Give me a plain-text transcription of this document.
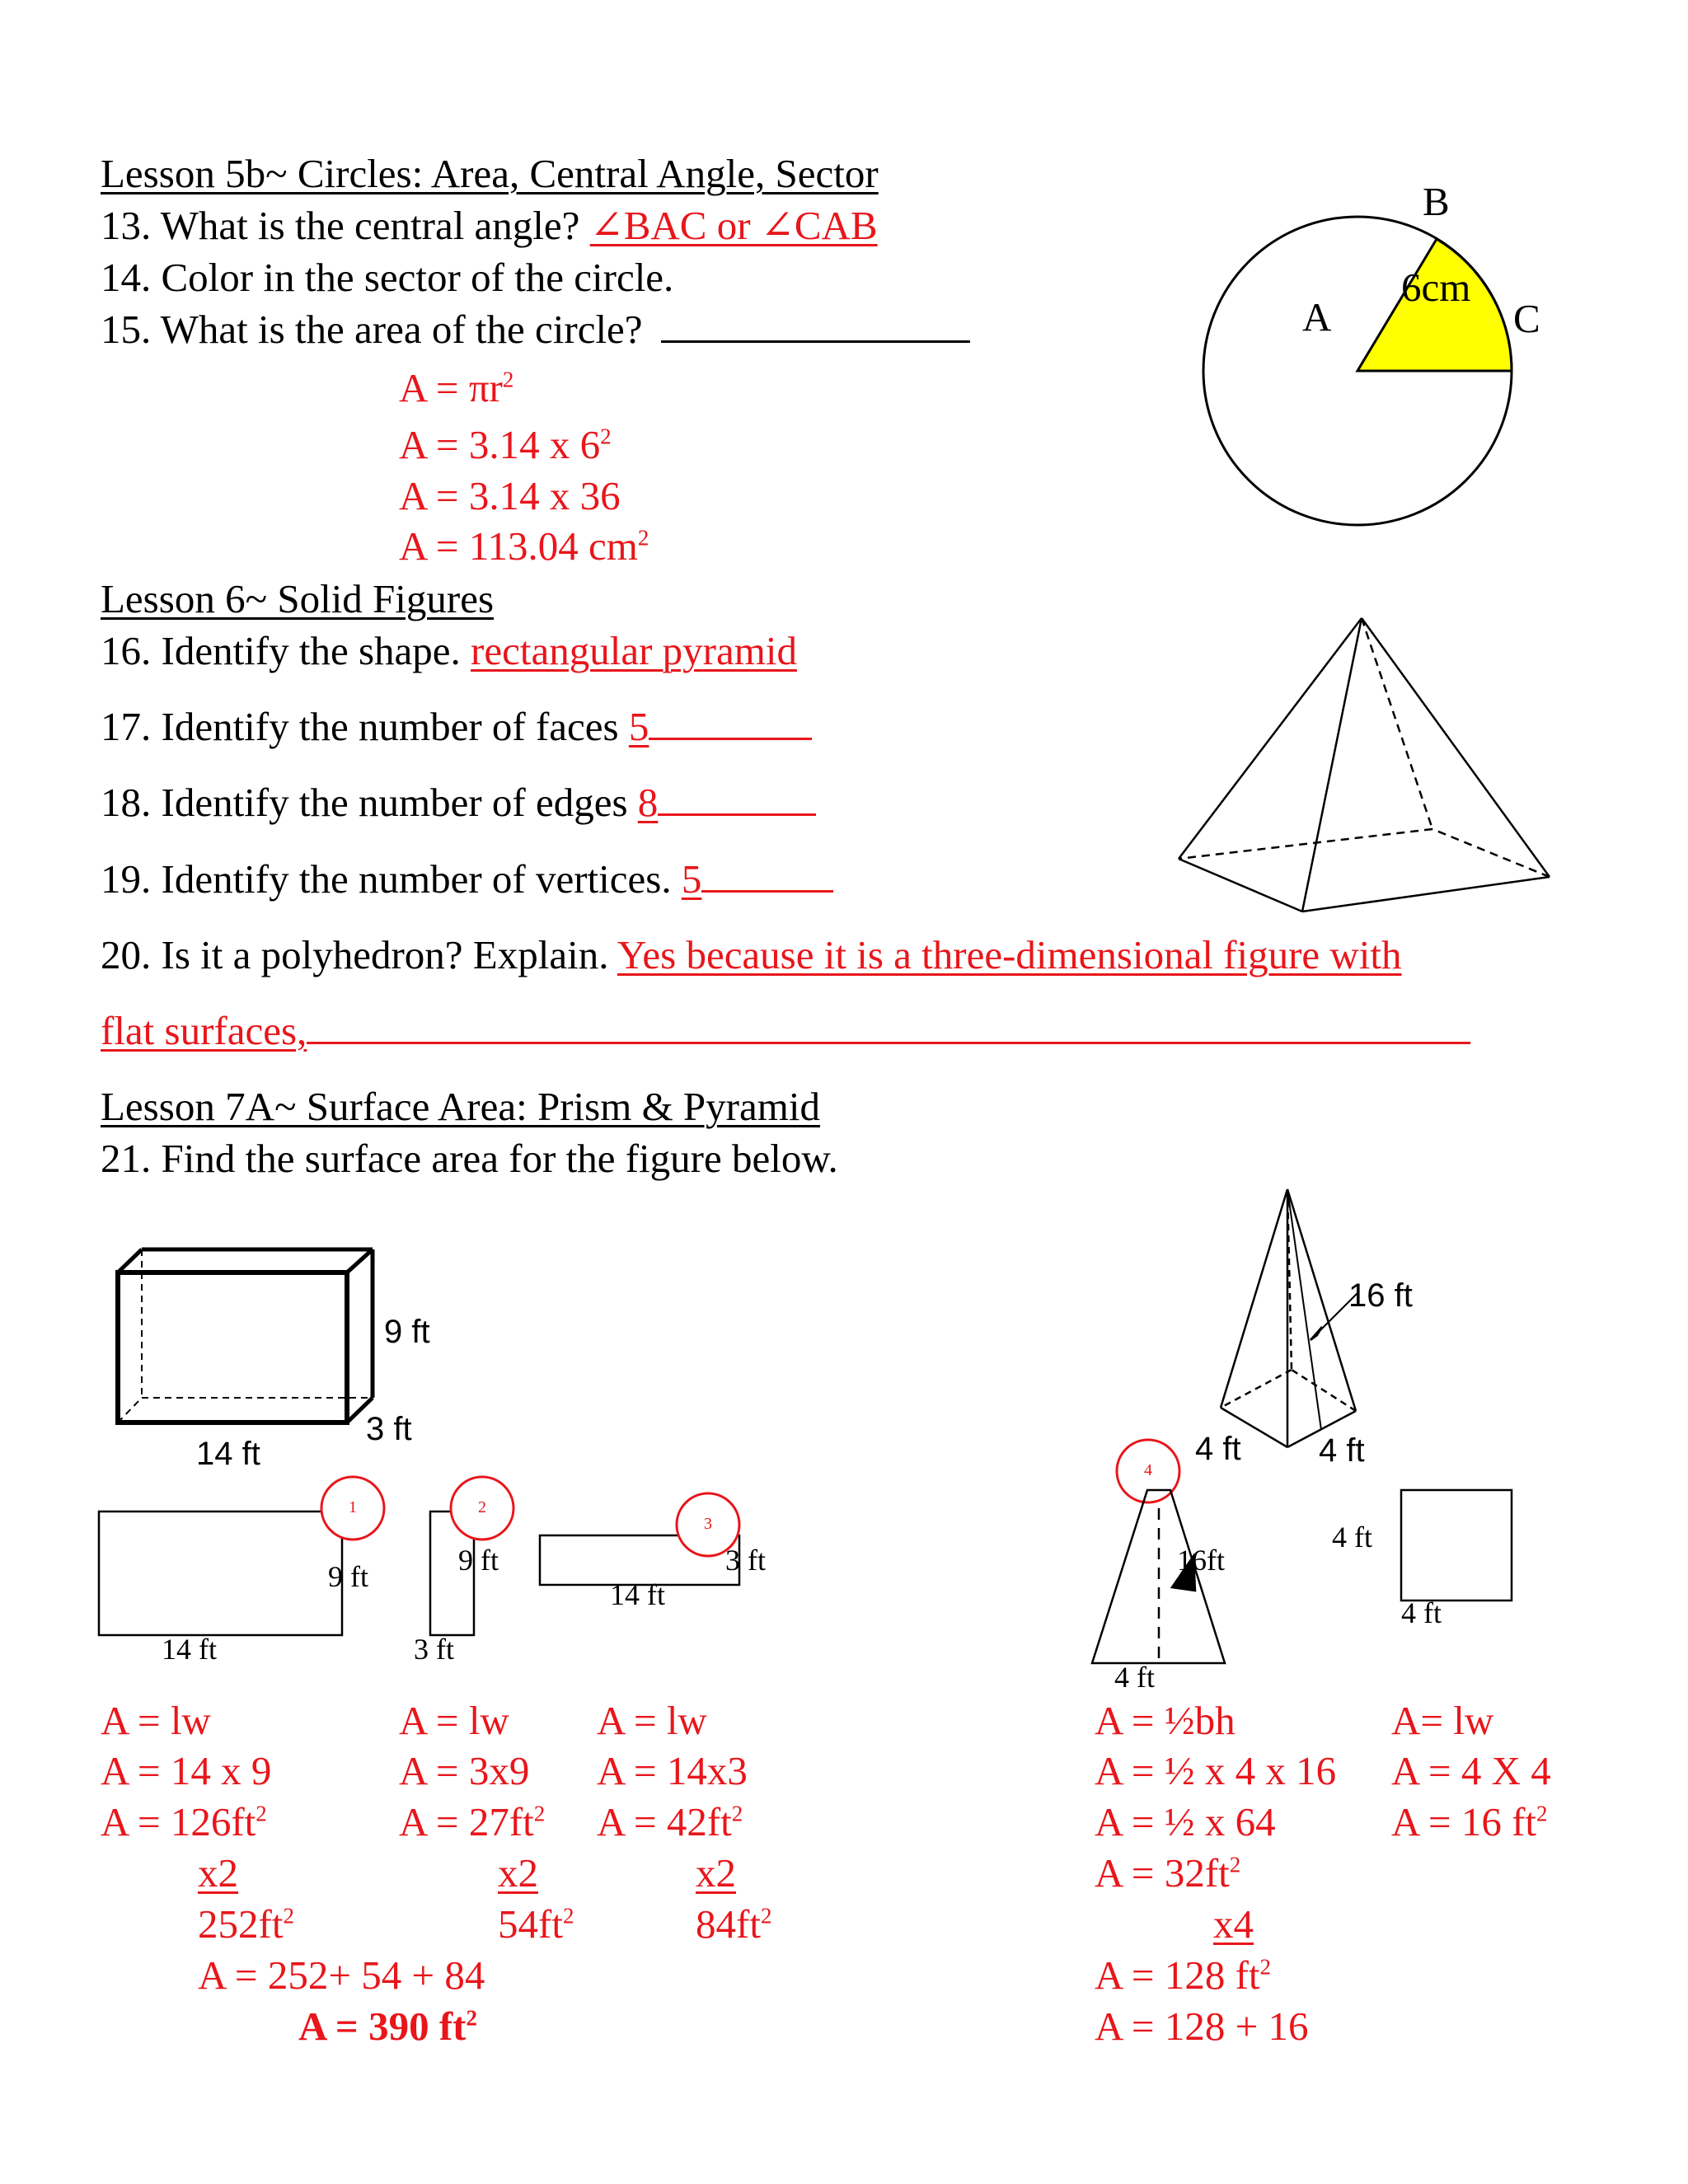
Lesson 5b~ Circles: Area, Central Angle, Sector
13. What is the central angle? ∠BAC or ∠CAB
14. Color in the sector of the circle.
15. What is the area of the circle?
$A = \pi r^2$
A = 3.14 x $6^2$
A = 3.14 x 36
A = 113.04 $cm^2$
A
B
C
6cm
Lesson 6~ Solid Figures
16. Identify the shape. rectangular pyramid
17. Identify the number of faces 5
18. Identify the number of edges 8
19. Identify the number of vertices. 5
20. Is it a polyhedron? Explain. Yes because it is a three-dimensional figure with
flat surfaces,
Lesson 7A~ Surface Area: Prism & Pyramid
21. Find the surface area for the figure below.
9 ft
3 ft
14 ft
9 ft
14 ft
9 ft
3 ft
3 ft
14 ft
1	2
3
4
16 ft
4 ft 4 ft
16ft
4 ft
4 ft
4 ft
A = lw
A = 14 x 9
$A = 126ft^2$
x2
$252ft^2$
A = lw
A = 3x9
$A = 27ft^2$
x2
$54ft^2$
A = lw
A = 14x3
$A = 42ft^2$
x2
$84ft^2$
A = 252+ 54 + 84
A = 390 $ft^2$
A = ½bh
A = ½ x 4 x 16
A = ½ x 64
$A = 32ft^2$
x4
A = 128 $ft^2$
A = 128 + 16
A= lw
A = 4 X 4
A = 16 $ft^2$
